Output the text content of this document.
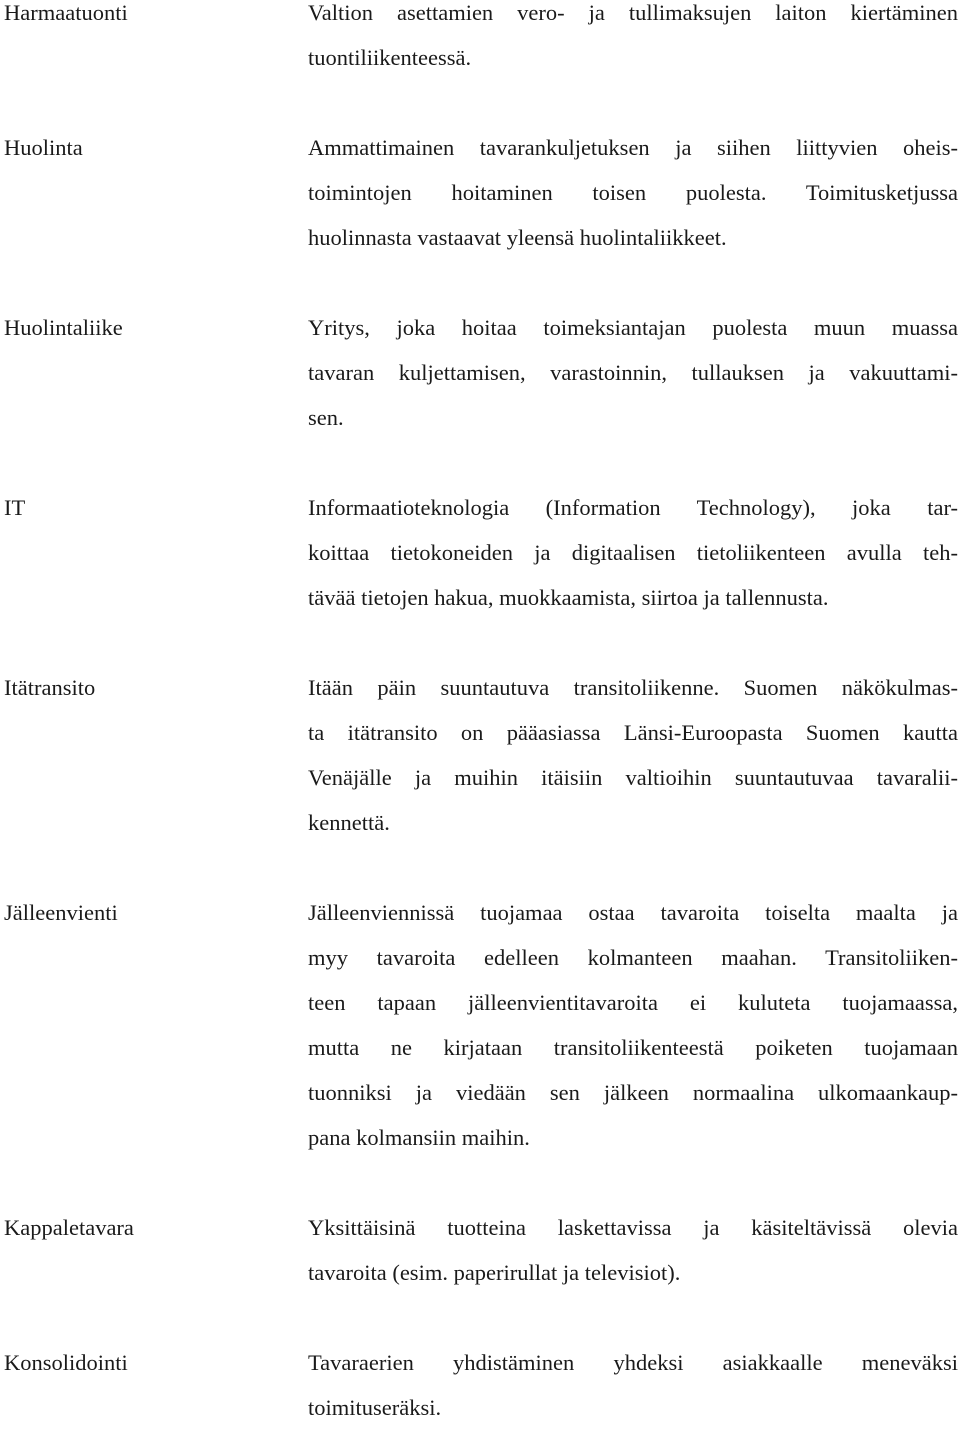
Harmaatuonti	Valtion asettamien vero- ja tullimaksujen laiton kiertäminen
tuontiliikenteessä.
Huolinta	Ammattimainen tavarankuljetuksen ja siihen liittyvien oheis-
toimintojen hoitaminen toisen puolesta. Toimitusketjussa
huolinnasta vastaavat yleensä huolintaliikkeet.
Huolintaliike	Yritys, joka hoitaa toimeksiantajan puolesta muun muassa
tavaran kuljettamisen, varastoinnin, tullauksen ja vakuuttami-
sen.
IT	Informaatioteknologia (Information Technology), joka tar-
koittaa tietokoneiden ja digitaalisen tietoliikenteen avulla teh-
tävää tietojen hakua, muokkaamista, siirtoa ja tallennusta.
Itätransito	Itään päin suuntautuva transitoliikenne. Suomen näkökulmas-
ta itätransito on pääasiassa Länsi-Euroopasta Suomen kautta
Venäjälle ja muihin itäisiin valtioihin suuntautuvaa tavaralii-
kennettä.
Jälleenvienti	Jälleenviennissä tuojamaa ostaa tavaroita toiselta maalta ja
myy tavaroita edelleen kolmanteen maahan. Transitoliiken-
teen tapaan jälleenvientitavaroita ei kuluteta tuojamaassa,
mutta ne kirjataan transitoliikenteestä poiketen tuojamaan
tuonniksi ja viedään sen jälkeen normaalina ulkomaankaup-
pana kolmansiin maihin.
Kappaletavara	Yksittäisinä tuotteina laskettavissa ja käsiteltävissä olevia
tavaroita (esim. paperirullat ja televisiot).
Konsolidointi	Tavaraerien yhdistäminen yhdeksi asiakkaalle meneväksi
toimituseräksi.
